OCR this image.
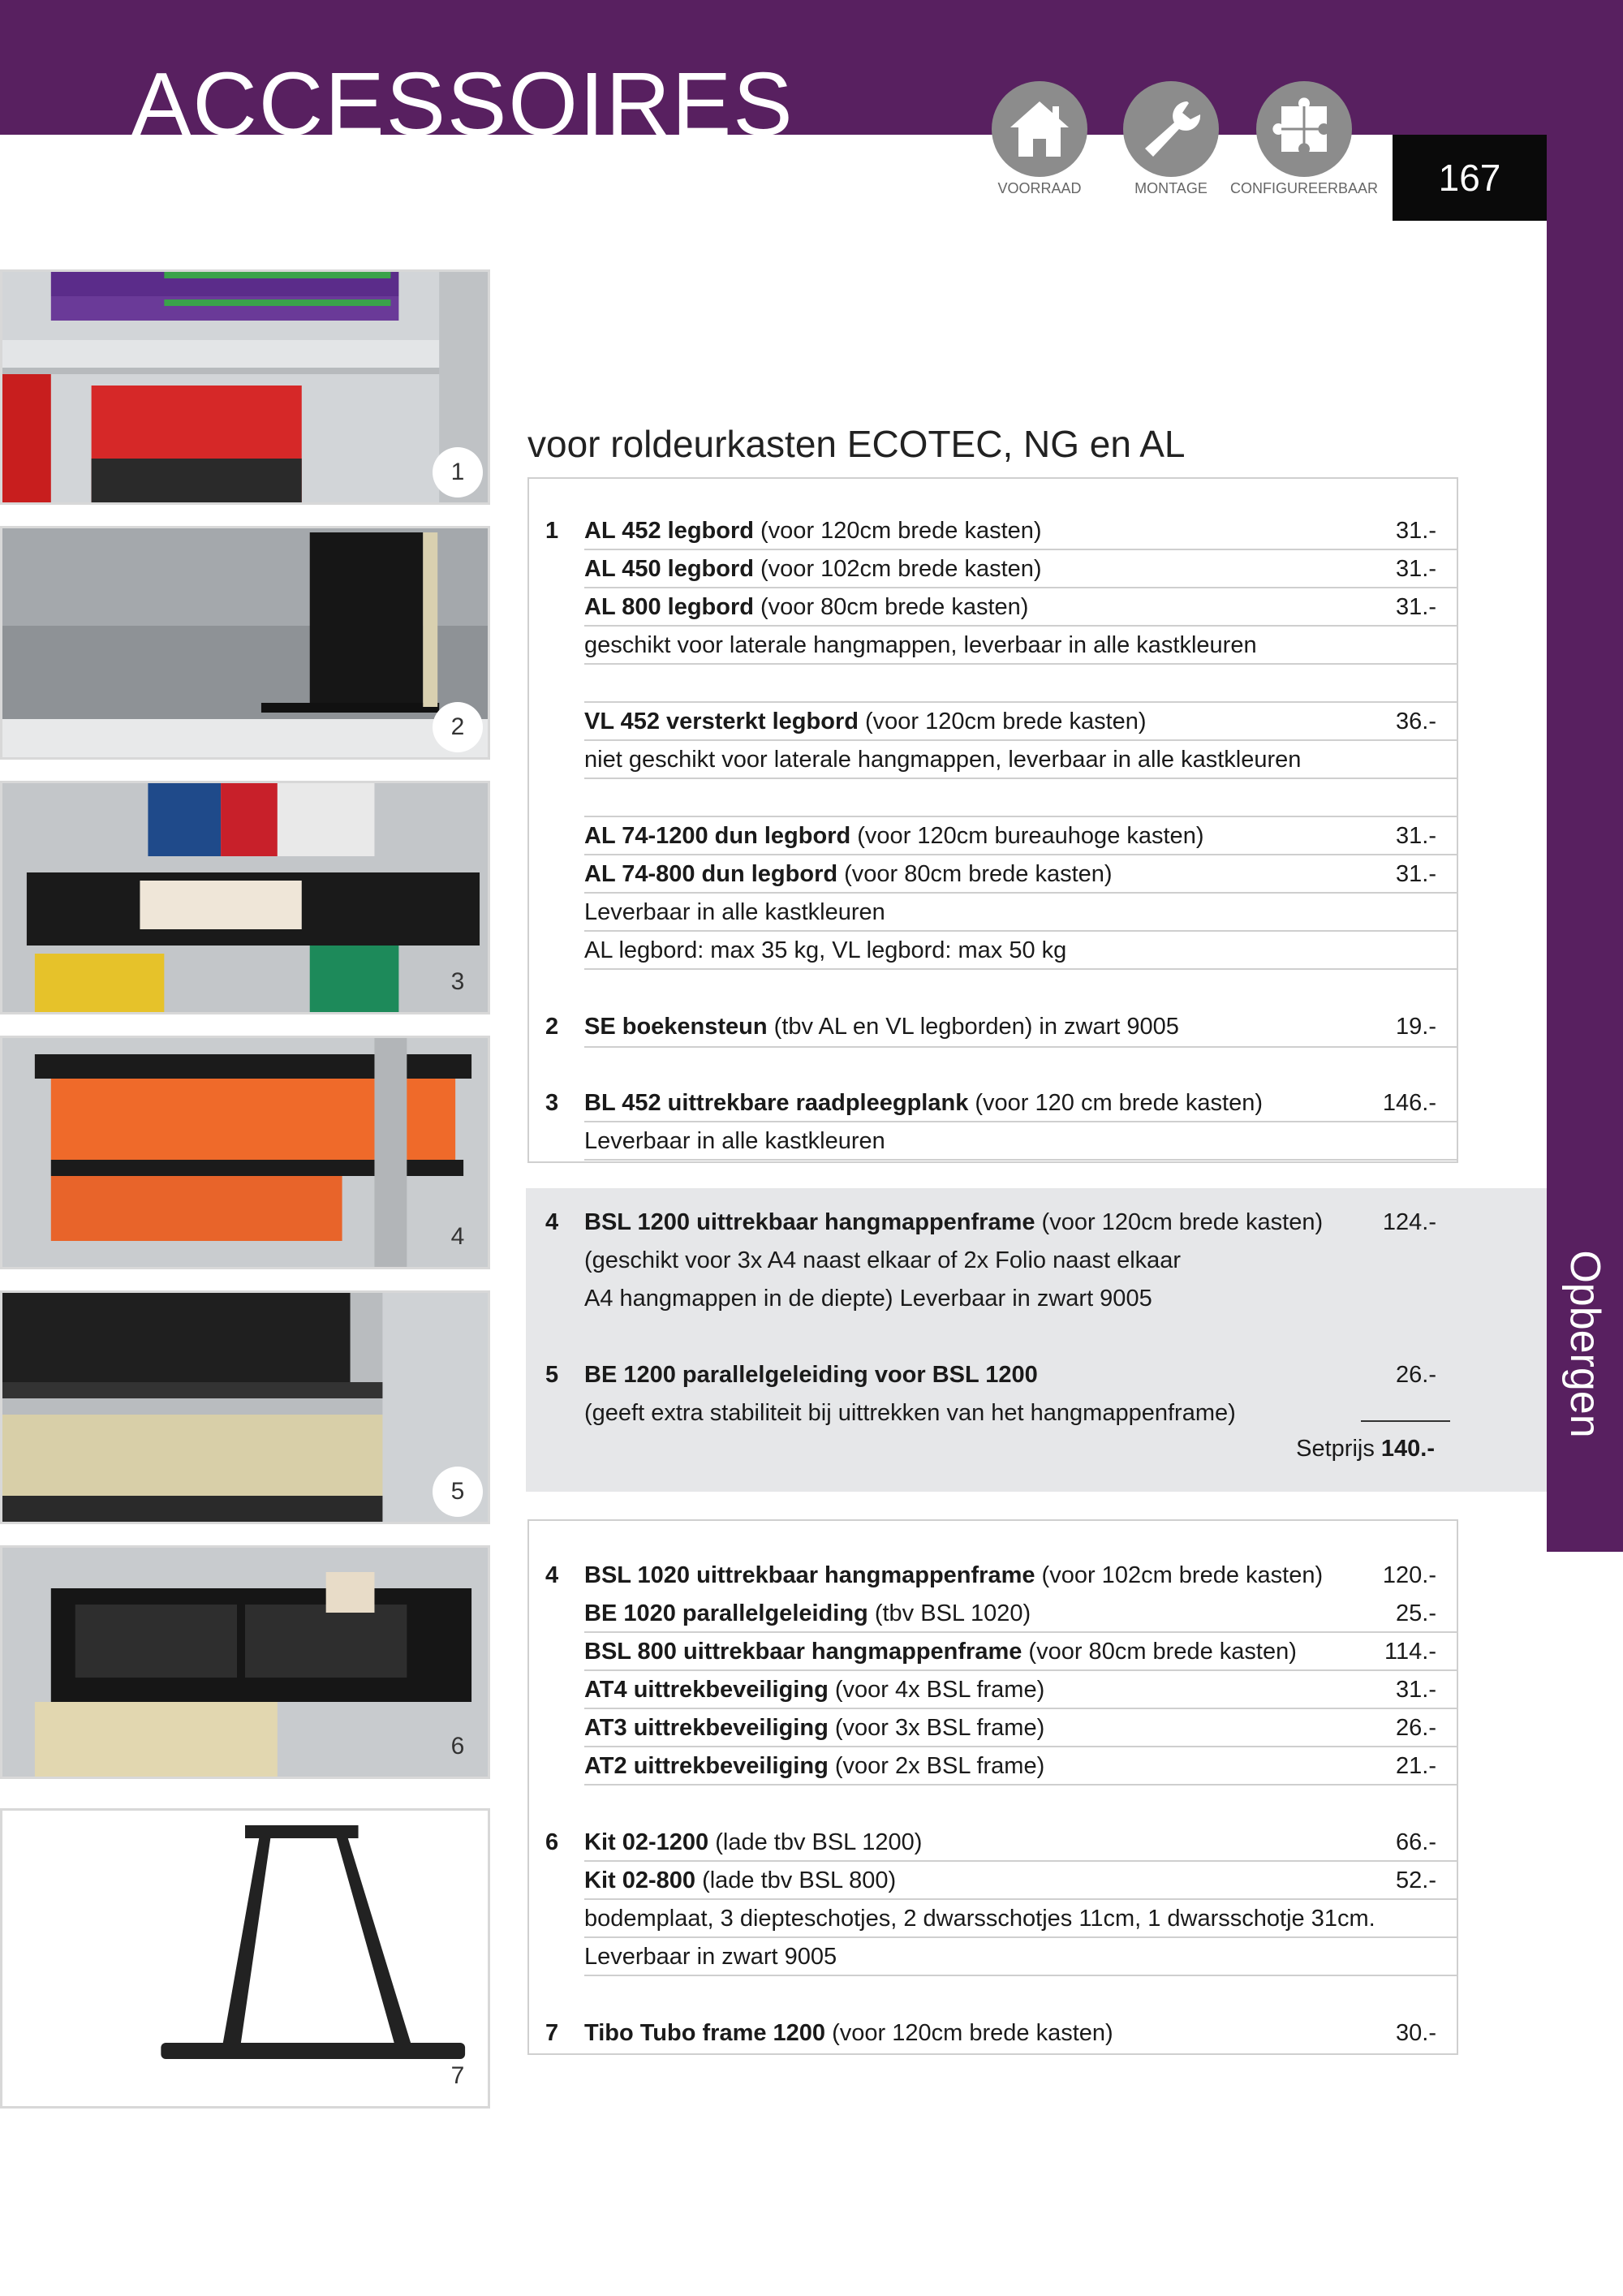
ACCESSOIRES
Opbergen
167
VOORRAAD	MONTAGE	CONFIGUREERBAAR
1
2
3
4
5
6
7
voor roldeurkasten ECOTEC, NG en AL
1 AL 452 legbord (voor 120cm brede kasten)	31.-
AL 450 legbord (voor 102cm brede kasten)	31.-
AL 800 legbord (voor 80cm brede kasten)	31.-
geschikt voor laterale hangmappen, leverbaar in alle kastkleuren
VL 452 versterkt legbord (voor 120cm brede kasten)	36.-
niet geschikt voor laterale hangmappen, leverbaar in alle kastkleuren
AL 74-1200 dun legbord (voor 120cm bureauhoge kasten)	31.-
AL 74-800 dun legbord (voor 80cm brede kasten)	31.-
Leverbaar in alle kastkleuren
AL legbord: max 35 kg, VL legbord: max 50 kg
2 SE boekensteun (tbv AL en VL legborden) in zwart 9005	19.-
3 BL 452 uittrekbare raadpleegplank (voor 120 cm brede kasten)	146.-
Leverbaar in alle kastkleuren
4 BSL 1200 uittrekbaar hangmappenframe (voor 120cm brede kasten)	124.-
(geschikt voor 3x A4 naast elkaar of 2x Folio naast elkaar
A4 hangmappen in de diepte) Leverbaar in zwart 9005
5 BE 1200 parallelgeleiding voor BSL 1200	26.-
(geeft extra stabiliteit bij uittrekken van het hangmappenframe)
4 BSL 1020 uittrekbaar hangmappenframe (voor 102cm brede kasten)	120.-
BE 1020 parallelgeleiding (tbv BSL 1020)	25.-
BSL 800 uittrekbaar hangmappenframe (voor 80cm brede kasten)	114.-
AT4 uittrekbeveiliging (voor 4x BSL frame)	31.-
AT3 uittrekbeveiliging (voor 3x BSL frame)	26.-
AT2 uittrekbeveiliging (voor 2x BSL frame)	21.-
6 Kit 02-1200 (lade tbv BSL 1200)	66.-
Kit 02-800 (lade tbv BSL 800)	52.-
bodemplaat, 3 diepteschotjes, 2 dwarsschotjes 11cm, 1 dwarsschotje 31cm.
Leverbaar in zwart 9005
7 Tibo Tubo frame 1200 (voor 120cm brede kasten)	30.-
Setprijs 140.-
